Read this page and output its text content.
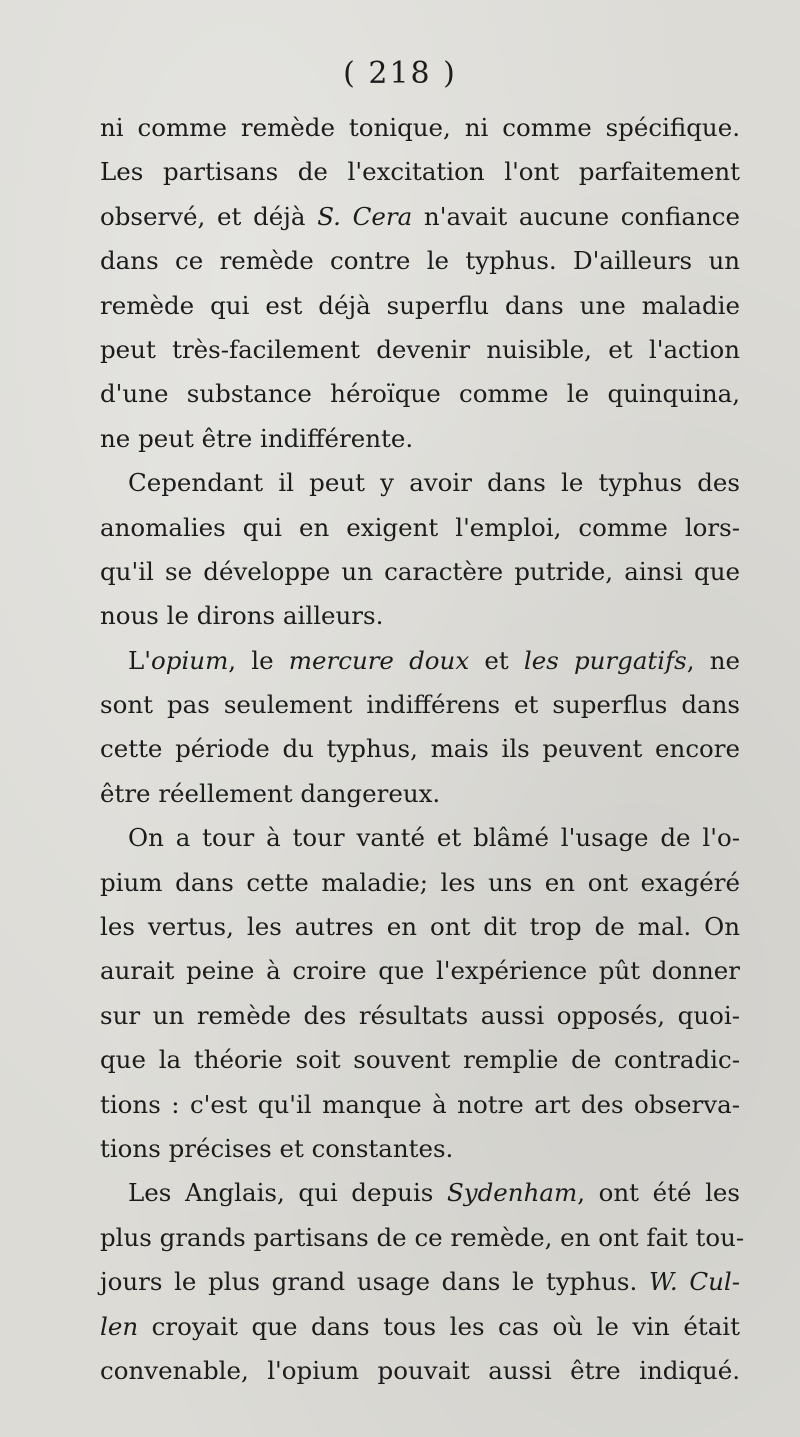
( 218 )
ni comme remède tonique, ni comme spécifique.
Les partisans de l'excitation l'ont parfaitement
observé, et déjà S. Cera n'avait aucune confiance
dans ce remède contre le typhus. D'ailleurs un
remède qui est déjà superflu dans une maladie
peut très-facilement devenir nuisible, et l'action
d'une substance héroïque comme le quinquina,
ne peut être indifférente.
Cependant il peut y avoir dans le typhus des
anomalies qui en exigent l'emploi, comme lors-
qu'il se développe un caractère putride, ainsi que
nous le dirons ailleurs.
L'opium, le mercure doux et les purgatifs, ne
sont pas seulement indifférens et superflus dans
cette période du typhus, mais ils peuvent encore
être réellement dangereux.
On a tour à tour vanté et blâmé l'usage de l'o-
pium dans cette maladie; les uns en ont exagéré
les vertus, les autres en ont dit trop de mal. On
aurait peine à croire que l'expérience pût donner
sur un remède des résultats aussi opposés, quoi-
que la théorie soit souvent remplie de contradic-
tions : c'est qu'il manque à notre art des observa-
tions précises et constantes.
Les Anglais, qui depuis Sydenham, ont été les
plus grands partisans de ce remède, en ont fait tou-
jours le plus grand usage dans le typhus. W. Cul-
len croyait que dans tous les cas où le vin était
convenable, l'opium pouvait aussi être indiqué.
